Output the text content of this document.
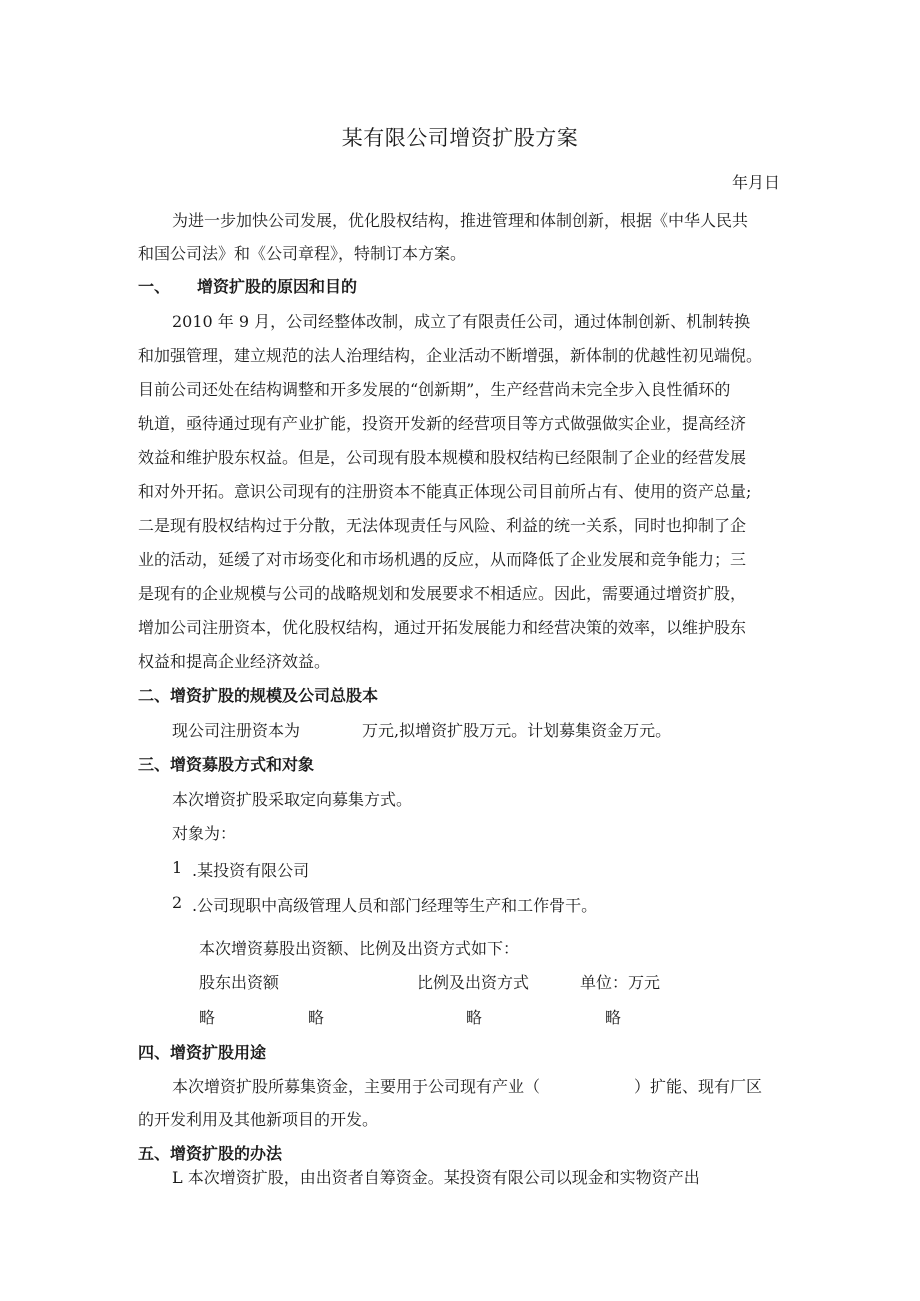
某有限公司增资扩股方案
年月日
为进一步加快公司发展，优化股权结构，推进管理和体制创新，根据《中华人民共
和国公司法》和《公司章程》，特制订本方案。
一、 增资扩股的原因和目的
2010 年 9 月，公司经整体改制，成立了有限责任公司，通过体制创新、机制转换
和加强管理，建立规范的法人治理结构，企业活动不断增强，新体制的优越性初见端倪。
目前公司还处在结构调整和开多发展的“创新期”，生产经营尚未完全步入良性循环的
轨道，亟待通过现有产业扩能，投资开发新的经营项目等方式做强做实企业，提高经济
效益和维护股东权益。但是，公司现有股本规模和股权结构已经限制了企业的经营发展
和对外开拓。意识公司现有的注册资本不能真正体现公司目前所占有、使用的资产总量;
二是现有股权结构过于分散，无法体现责任与风险、利益的统一关系，同时也抑制了企
业的活动，延缓了对市场变化和市场机遇的反应，从而降低了企业发展和竞争能力；三
是现有的企业规模与公司的战略规划和发展要求不相适应。因此，需要通过增资扩股，
增加公司注册资本，优化股权结构，通过开拓发展能力和经营决策的效率，以维护股东
权益和提高企业经济效益。
二、增资扩股的规模及公司总股本
现公司注册资本为	万元,拟增资扩股万元。计划募集资金万元。
三、增资募股方式和对象
本次增资扩股采取定向募集方式。
对象为：
1 .某投资有限公司
2 .公司现职中高级管理人员和部门经理等生产和工作骨干。
本次增资募股出资额、比例及出资方式如下：
股东出资额	比例及出资方式	单位：万元
略	略	略	略
四、增资扩股用途
本次增资扩股所募集资金，主要用于公司现有产业（	）扩能、现有厂区
的开发利用及其他新项目的开发。
五、增资扩股的办法
L 本次增资扩股，由出资者自筹资金。某投资有限公司以现金和实物资产出
